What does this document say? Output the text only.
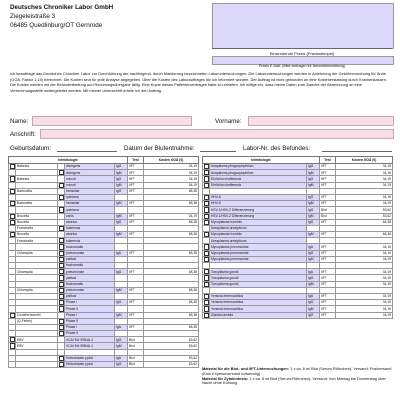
Deutsches Chroniker Labor GmbH
Ziegeleistraße 3
06485 Quedlinburg/OT Gernrode
Einsendende Praxis (Praxisstempel)
Praxis E-Mail: (Bitte eintragen für Befundübermittlung)
Ich beauftrage das Deutsches Chroniker Labor zur Durchführung der nachfolgend, durch Markierung bezeichneten Laboruntersuchungen. Die Laboruntersuchungen werden in Anlehnung der Gebührenordnung für Ärzte (GOÄ, Faktor 1,15) berechnet. Die Kosten sind für jede Analyse angegeben. Über die Kosten des Laborauftrages bin ich informiert worden. Der Auftrag ist nicht gebunden an eine Kostenerstattung durch Krankenkassen. Die Kosten werden mit der Befundmitteilung und Rechnungsübergabe fällig. Eine Kopie dieses Patientenvertrages habe ich erhalten. Ich willige ein, dass meine Daten zum Zwecke der Abrechnung an eine Verrechnungsstelle weitergeleitet werden. Mit meiner Unterschrift erteile ich den Auftrag.
Name:	Vorname:
Anschrift:
Geburtsdatum:	Datum der Blutentnahme:	Labor-Nr. des Befundes:
Infektiologie					Test	Kosten GOÄ (€)
	Babesia		divergens	IgG	IIFT	34,19
			divergens	IgM	IIFT	34,19
	Babesia		microti	IgG	IIFT	34,19
			microti	IgM	IIFT	34,19
	Bartonella		henselae	IgG	IIFT	68,38
			quintana			
	Bartonella		henselae	IgM	IIFT	68,38
			quintana			
	Brucella		canis	IgM	IIFT	34,19
	Brucella		abortus	IgG	IIFT	68,38
	Francisella		tularensis			
	Brucella		abortus	IgM	IIFT	68,38
	Francisella		tularensis			
			trachomatis			
	Chlamydia		pneumoniae	IgA	IIFT	68,38
			psittaci			
			trachomatis			
	Chlamydia		pneumoniae	IgG	IIFT	68,38
			psittaci			
			trachomatis			
	Chlamydia		pneumoniae	IgM	IIFT	68,38
			psittaci			
			Phase I	IgG	IIFT	68,38
			Phase II			
	Coxiella burnetii		Phase I	IgM	IIFT	68,38
	(Q-Fieber)		Phase II			
			Phase I	IgA	IIFT	68,38
			Phase II			
	EBV		VCA+EA+EBNA-1	IgG	Blot	53,62
	EBV		VCA+EA+EBNA-1	IgM	Blot	53,62

			Helicobacter pylori	IgA	Blot	53,62
			Helicobacter pylori	IgG	Blot	53,62
Infektiologie			Test	Kosten GOÄ (€)
	Anaplasma phagocytophilum	IgG	IIFT	34,19
	Anaplasma phagocytophilum	IgM	IIFT	34,19
	Ehrlichia chaffeensis	IgG	IIFT	34,19
	Ehrlichia chaffeensis	IgM	IIFT	34,19

	HHV-6	IgG	IIFT	34,19
	HHV-6	IgM	IIFT	34,19
	HSV-1/HSV-2 Differenzierung	IgG	Blot	53,62
	HSV-1/HSV-2 Differenzierung	IgM	Blot	53,62
	Mycoplasma hominis	IgG	IIFT	68,38
	Ureaplasma urealyticum			
	Mycoplasma hominis	IgM	IIFT	68,38
	Ureaplasma urealyticum			
	Mycoplasma pneumoniae	IgA	IIFT	34,19
	Mycoplasma pneumoniae	IgG	IIFT	34,19
	Mycoplasma pneumoniae	IgM	IIFT	34,19

	Toxoplasma gondii	IgA	IIFT	34,19
	Toxoplasma gondii	IgG	IIFT	34,19
	Toxoplasma gondii	IgM	IIFT	34,19

	Yersinia enterocolitica	IgA	IIFT	34,19
	Yersinia enterocolitica	IgG	IIFT	34,19
	Yersinia enterocolitica	IgM	IIFT	34,19
	Giardia lamblia	IgG	IIFT	34,19
Material für die Blot- und IIFT-Untersuchungen: 1 x ca. 6 ml Blut (Serum-Röhrchen), Versand: Postversand (Kein Expressversand notwendig)
Material für Zytokintests: 1 x ca. 8 ml Blut (Serum-Röhrchen), Versand: Von Montag bis Donnerstag über Nacht ohne Kühlung
